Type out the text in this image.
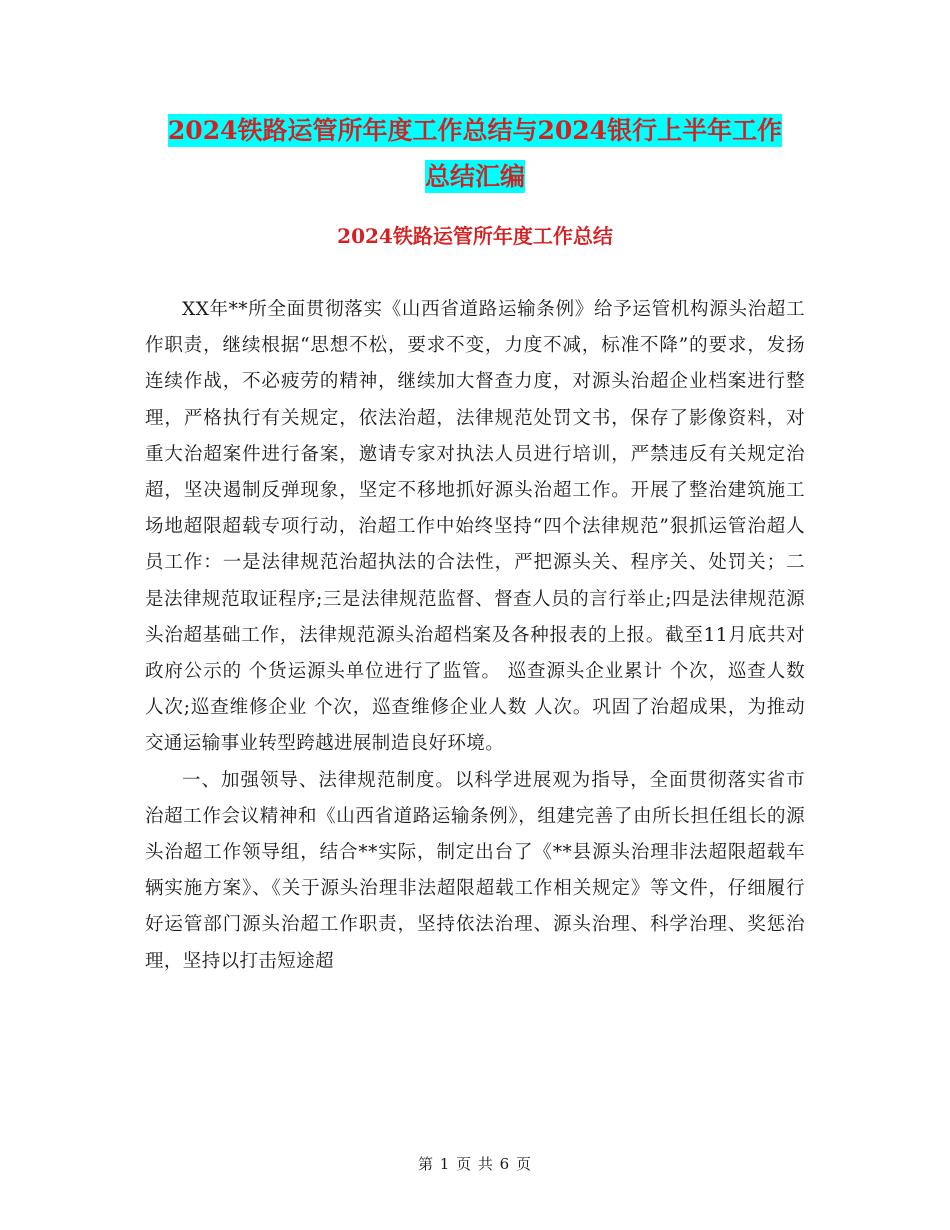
2024铁路运管所年度工作总结与2024银行上半年工作
总结汇编
2024铁路运管所年度工作总结

XX年**所全面贯彻落实《山西省道路运输条例》给予运管机构源头治超工作职责，继续根据“思想不松，要求不变，力度不减，标准不降”的要求，发扬连续作战，不必疲劳的精神，继续加大督查力度，对源头治超企业档案进行整理，严格执行有关规定，依法治超，法律规范处罚文书，保存了影像资料，对重大治超案件进行备案，邀请专家对执法人员进行培训，严禁违反有关规定治超，坚决遏制反弹现象，坚定不移地抓好源头治超工作。开展了整治建筑施工场地超限超载专项行动，治超工作中始终坚持“四个法律规范”狠抓运管治超人员工作：一是法律规范治超执法的合法性，严把源头关、程序关、处罚关；二是法律规范取证程序;三是法律规范监督、督查人员的言行举止;四是法律规范源头治超基础工作，法律规范源头治超档案及各种报表的上报。截至11月底共对政府公示的 个货运源头单位进行了监管。 巡查源头企业累计 个次，巡查人数 人次;巡查维修企业 个次，巡查维修企业人数 人次。巩固了治超成果，为推动交通运输事业转型跨越进展制造良好环境。

一、加强领导、法律规范制度。以科学进展观为指导，全面贯彻落实省市治超工作会议精神和《山西省道路运输条例》，组建完善了由所长担任组长的源头治超工作领导组，结合**实际，制定出台了《**县源头治理非法超限超载车辆实施方案》、《关于源头治理非法超限超载工作相关规定》等文件，仔细履行好运管部门源头治超工作职责，坚持依法治理、源头治理、科学治理、奖惩治理，坚持以打击短途超

第 1 页 共 6 页
